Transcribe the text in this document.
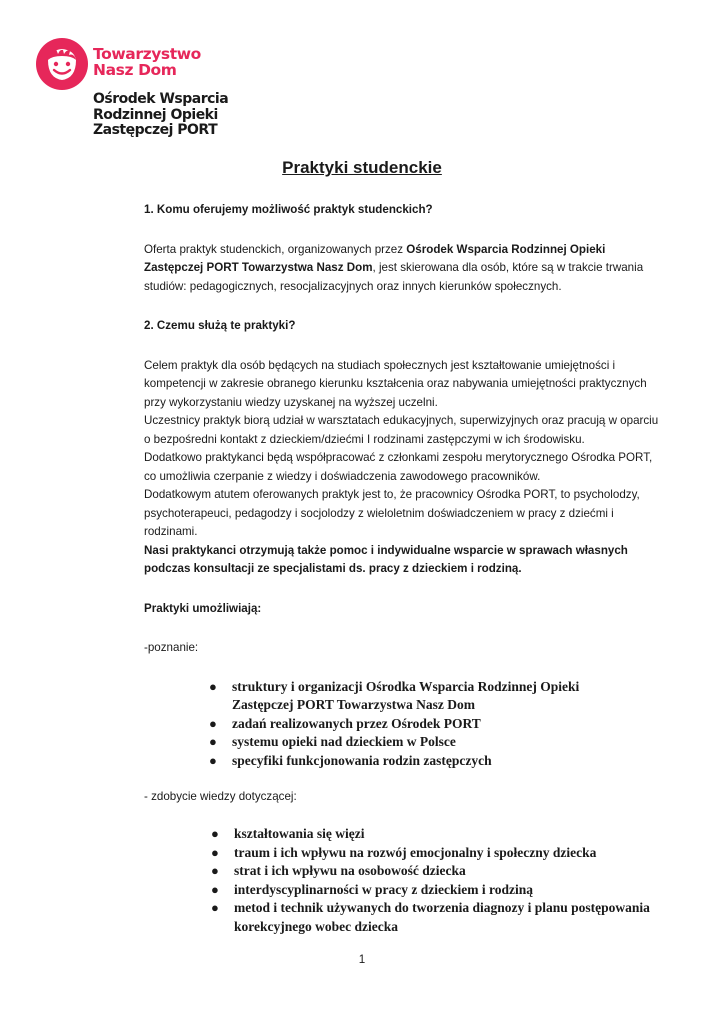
Towarzystwo
Nasz Dom
Ośrodek Wsparcia
Rodzinnej Opieki
Zastępczej PORT
Praktyki studenckie

1. Komu oferujemy możliwość praktyk studenckich?

Oferta praktyk studenckich, organizowanych przez Ośrodek Wsparcia Rodzinnej Opieki Zastępczej PORT Towarzystwa Nasz Dom, jest skierowana dla osób, które są w trakcie trwania studiów: pedagogicznych, resocjalizacyjnych oraz innych kierunków społecznych.

2. Czemu służą te praktyki?

Celem praktyk dla osób będących na studiach społecznych jest kształtowanie umiejętności i kompetencji w zakresie obranego kierunku kształcenia oraz nabywania umiejętności praktycznych przy wykorzystaniu wiedzy uzyskanej na wyższej uczelni.

Uczestnicy praktyk biorą udział w warsztatach edukacyjnych, superwizyjnych oraz pracują w oparciu o bezpośredni kontakt z dzieckiem/dziećmi I rodzinami zastępczymi w ich środowisku.

Dodatkowo praktykanci będą współpracować z członkami zespołu merytorycznego Ośrodka PORT, co umożliwia czerpanie z wiedzy i doświadczenia zawodowego pracowników.

Dodatkowym atutem oferowanych praktyk jest to, że pracownicy Ośrodka PORT, to psycholodzy, psychoterapeuci, pedagodzy i socjolodzy z wieloletnim doświadczeniem w pracy z dziećmi i rodzinami.

Nasi praktykanci otrzymują także pomoc i indywidualne wsparcie w sprawach własnych podczas konsultacji ze specjalistami ds. pracy z dzieckiem i rodziną.

Praktyki umożliwiają:

-poznanie:

● struktury i organizacji Ośrodka Wsparcia Rodzinnej Opieki Zastępczej PORT Towarzystwa Nasz Dom
● zadań realizowanych przez Ośrodek PORT
● systemu opieki nad dzieckiem w Polsce
● specyfiki funkcjonowania rodzin zastępczych

- zdobycie wiedzy dotyczącej:

● kształtowania się więzi
● traum i ich wpływu na rozwój emocjonalny i społeczny dziecka
● strat i ich wpływu na osobowość dziecka
● interdyscyplinarności w pracy z dzieckiem i rodziną
● metod i technik używanych do tworzenia diagnozy i planu postępowania korekcyjnego wobec dziecka
1
